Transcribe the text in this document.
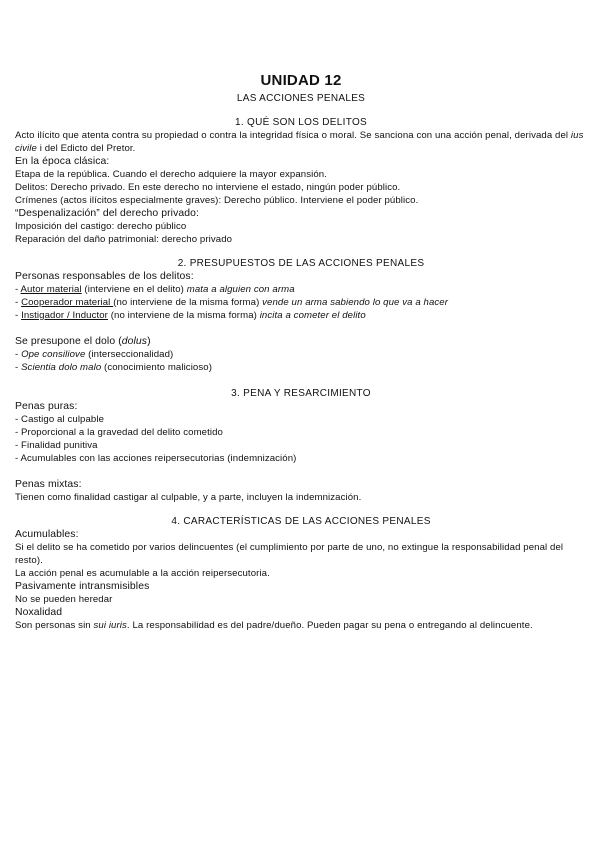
UNIDAD 12

LAS ACCIONES PENALES

1. QUÉ SON LOS DELITOS

Acto ilícito que atenta contra su propiedad o contra la integridad física o moral. Se sanciona con una acción penal, derivada del ius civile i del Edicto del Pretor.

En la época clásica:

Etapa de la república. Cuando el derecho adquiere la mayor expansión.

Delitos: Derecho privado. En este derecho no interviene el estado, ningún poder público.

Crímenes (actos ilícitos especialmente graves): Derecho público. Interviene el poder público.

“Despenalización” del derecho privado:

Imposición del castigo: derecho público

Reparación del daño patrimonial: derecho privado

2. PRESUPUESTOS DE LAS ACCIONES PENALES

Personas responsables de los delitos:

- Autor material (interviene en el delito) mata a alguien con arma

- Cooperador material (no interviene de la misma forma) vende un arma sabiendo lo que va a hacer

- Instigador / Inductor (no interviene de la misma forma) incita a cometer el delito

Se presupone el dolo (dolus)

- Ope consiliove (interseccionalidad)

- Scientia dolo malo (conocimiento malicioso)

3. PENA Y RESARCIMIENTO

Penas puras:

- Castigo al culpable

- Proporcional a la gravedad del delito cometido

- Finalidad punitiva

- Acumulables con las acciones reipersecutorias (indemnización)

Penas mixtas:

Tienen como finalidad castigar al culpable, y a parte, incluyen la indemnización.

4. CARACTERÍSTICAS DE LAS ACCIONES PENALES

Acumulables:

Si el delito se ha cometido por varios delincuentes (el cumplimiento por parte de uno, no extingue la responsabilidad penal del resto).

La acción penal es acumulable a la acción reipersecutoria.

Pasivamente intransmisibles

No se pueden heredar

Noxalidad

Son personas sin sui iuris. La responsabilidad es del padre/dueño. Pueden pagar su pena o entregando al delincuente.
